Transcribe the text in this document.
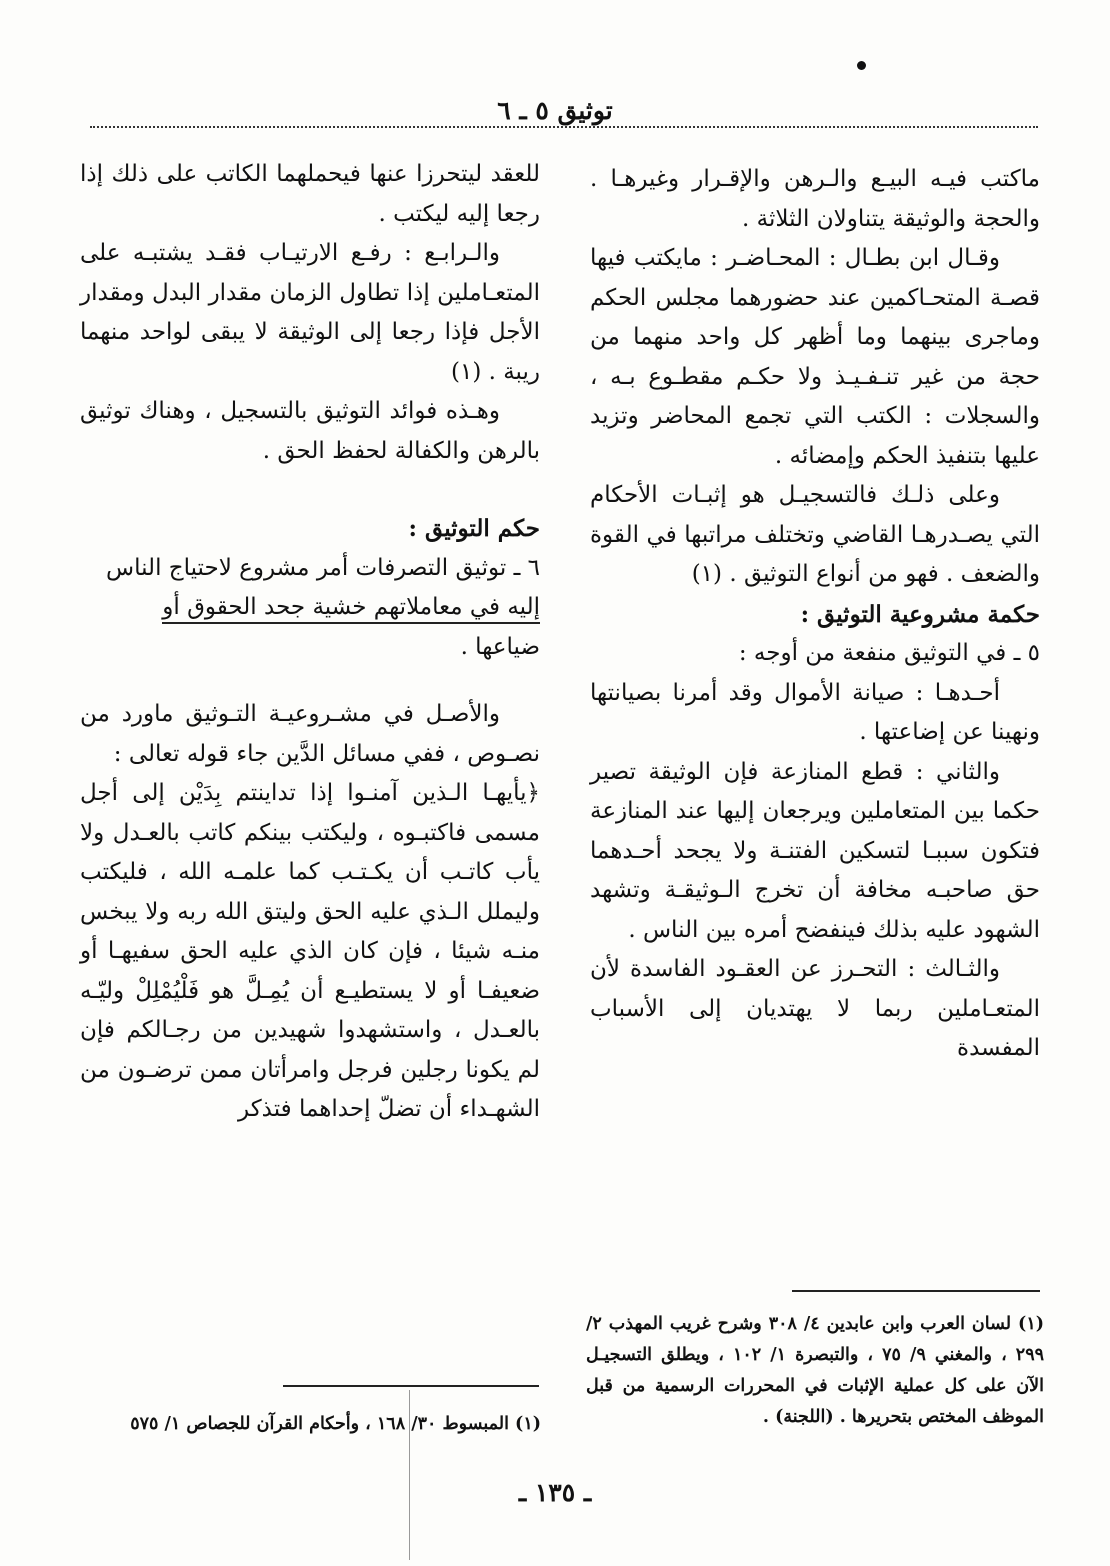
توثيق ٥ ـ ٦

ماكتب فيـه البيـع والـرهن والإقـرار وغيرهـا . والحجة والوثيقة يتناولان الثلاثة .

وقـال ابن بطـال : المحـاضـر : مايكتب فيها قصـة المتحـاكمين عند حضورهما مجلس الحكم وماجرى بينهما وما أظهر كل واحد منهما من حجة من غير تنـفـيـذ ولا حكـم مقطـوع بـه ، والسجلات : الكتب التي تجمع المحاضر وتزيد عليها بتنفيذ الحكم وإمضائه .

وعلى ذلـك فالتسجيـل هو إثبـات الأحكام التي يصـدرهـا القاضي وتختلف مراتبها في القوة والضعف . فهو من أنواع التوثيق . (١)

حكمة مشروعية التوثيق :

٥ ـ في التوثيق منفعة من أوجه :

أحـدهـا : صيانة الأموال وقد أمرنا بصيانتها ونهينا عن إضاعتها .

والثاني : قطع المنازعة فإن الوثيقة تصير حكما بين المتعاملين ويرجعان إليها عند المنازعة فتكون سببـا لتسكين الفتنـة ولا يجحد أحـدهما حق صاحبـه مخافة أن تخرج الـوثيقـة وتشهد الشهود عليه بذلك فينفضح أمره بين الناس .

والثـالث : التحـرز عن العقـود الفاسدة لأن المتعـاملين ربما لا يهتديان إلى الأسباب المفسدة

للعقد ليتحرزا عنها فيحملهما الكاتب على ذلك إذا رجعا إليه ليكتب .

والـرابـع : رفـع الارتيـاب فقـد يشتبـه على المتعـاملين إذا تطاول الزمان مقدار البدل ومقدار الأجل فإذا رجعا إلى الوثيقة لا يبقى لواحد منهما ريبة . (١)

وهـذه فوائد التوثيق بالتسجيل ، وهناك توثيق بالرهن والكفالة لحفظ الحق .

حكم التوثيق :

٦ ـ توثيق التصرفات أمر مشروع لاحتياج الناس

إليه في معاملاتهم خشية جحد الحقوق أو

ضياعها .

والأصـل في مشـروعيـة التـوثيق ماورد من نصـوص ، ففي مسائل الدَّين جاء قوله تعالى :

﴿يأيهـا الـذين آمنـوا إذا تداينتم بِدَيْن إلى أجل مسمى فاكتبـوه ، وليكتب بينكم كاتب بالعـدل ولا يأب كاتـب أن يكـتـب كما علمـه الله ، فليكتب وليملل الـذي عليه الحق وليتق الله ربه ولا يبخس منـه شيئا ، فإن كان الذي عليه الحق سفيهـا أو ضعيفـا أو لا يستطيـع أن يُمِـلَّ هو فَلْيُمْلِلْ وليّـه بالعـدل ، واستشهدوا شهيدين من رجـالكم فإن لم يكونا رجلين فرجل وامرأتان ممن ترضـون من الشهـداء أن تضلّ إحداهما فتذكر

(١) المبسوط ٣٠/ ١٦٨ ، وأحكام القرآن للجصاص ١/ ٥٧٥
ـ ١٣٥ ـ
(١) لسان العرب وابن عابدين ٤/ ٣٠٨ وشرح غريب المهذب ٢/ ٢٩٩ ، والمغني ٩/ ٧٥ ، والتبصرة ١/ ١٠٢ ، ويطلق التسجيـل الآن على كل عملية الإثبات في المحررات الرسمية من قبل الموظف المختص بتحريرها . (اللجنة) .
